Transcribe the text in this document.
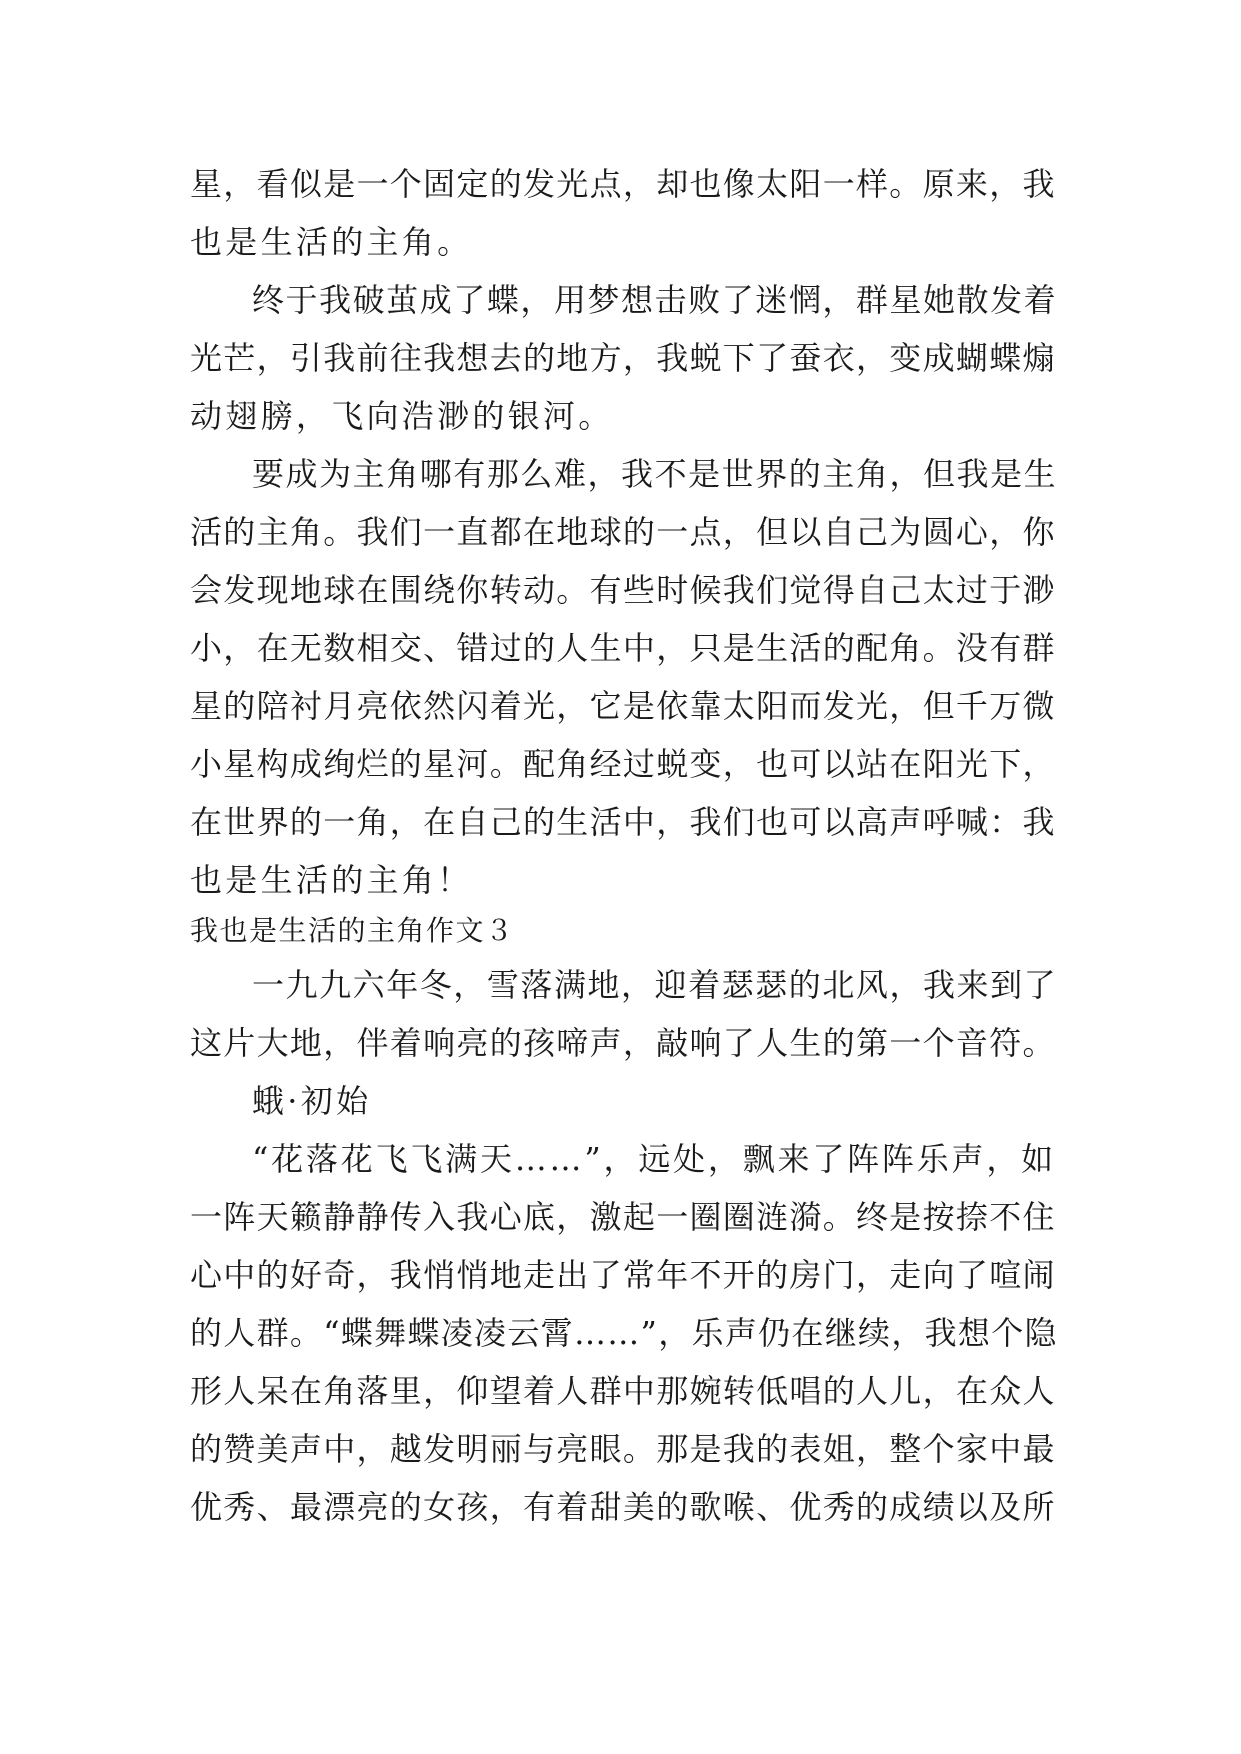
星，看似是一个固定的发光点，却也像太阳一样。原来，我
也是生活的主角。
终于我破茧成了蝶，用梦想击败了迷惘，群星她散发着
光芒，引我前往我想去的地方，我蜕下了蚕衣，变成蝴蝶煽
动翅膀，飞向浩渺的银河。
要成为主角哪有那么难，我不是世界的主角，但我是生
活的主角。我们一直都在地球的一点，但以自己为圆心，你
会发现地球在围绕你转动。有些时候我们觉得自己太过于渺
小，在无数相交、错过的人生中，只是生活的配角。没有群
星的陪衬月亮依然闪着光，它是依靠太阳而发光，但千万微
小星构成绚烂的星河。配角经过蜕变，也可以站在阳光下，
在世界的一角，在自己的生活中，我们也可以高声呼喊：我
也是生活的主角！
我也是生活的主角作文３
一九九六年冬，雪落满地，迎着瑟瑟的北风，我来到了
这片大地，伴着响亮的孩啼声，敲响了人生的第一个音符。
蛾·初始
“花落花飞飞满天……”，远处，飘来了阵阵乐声，如
一阵天籁静静传入我心底，激起一圈圈涟漪。终是按捺不住
心中的好奇，我悄悄地走出了常年不开的房门，走向了喧闹
的人群。“蝶舞蝶凌凌云霄……”，乐声仍在继续，我想个隐
形人呆在角落里，仰望着人群中那婉转低唱的人儿，在众人
的赞美声中，越发明丽与亮眼。那是我的表姐，整个家中最
优秀、最漂亮的女孩，有着甜美的歌喉、优秀的成绩以及所
